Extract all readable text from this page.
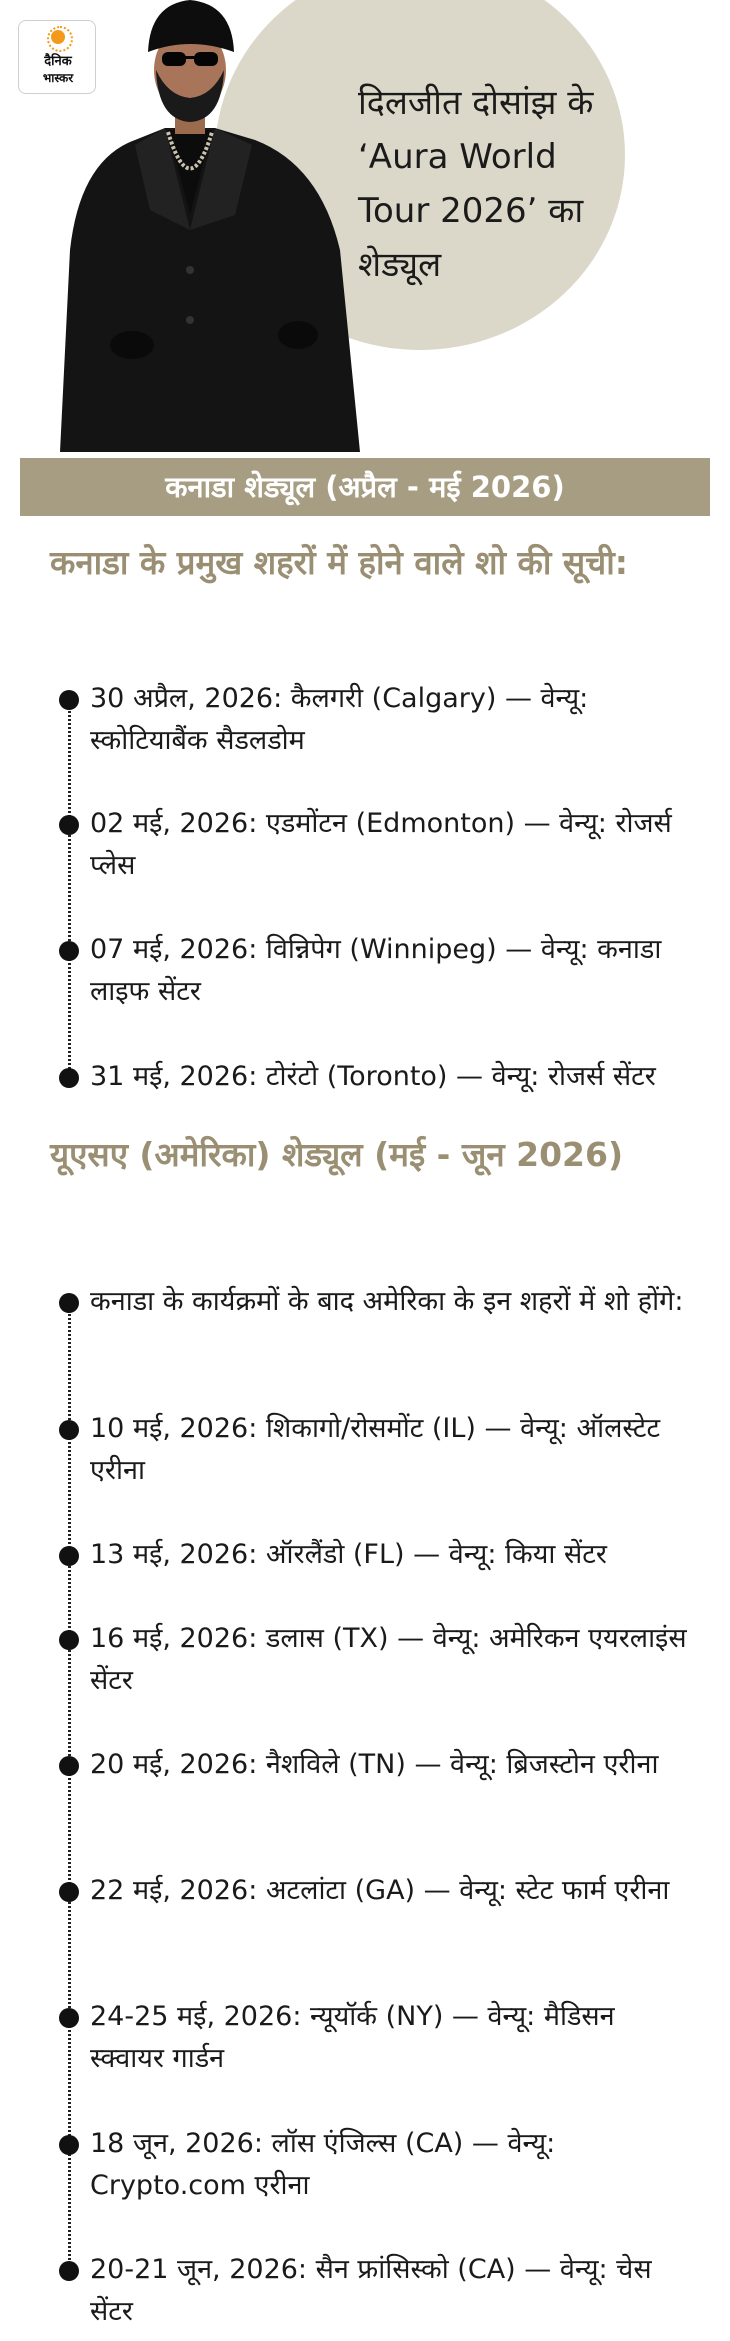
दैनिक
भास्कर
दिलजीत दोसांझ के ‘Aura World Tour 2026’ का शेड्यूल
कनाडा शेड्यूल (अप्रैल - मई 2026)
कनाडा के प्रमुख शहरों में होने वाले शो की सूची:
30 अप्रैल, 2026: कैलगरी (Calgary) — वेन्यू: स्कोटियाबैंक सैडलडोम
02 मई, 2026: एडमोंटन (Edmonton) — वेन्यू: रोजर्स प्लेस
07 मई, 2026: विन्निपेग (Winnipeg) — वेन्यू: कनाडा लाइफ सेंटर
31 मई, 2026: टोरंटो (Toronto) — वेन्यू: रोजर्स सेंटर
यूएसए (अमेरिका) शेड्यूल (मई - जून 2026)
कनाडा के कार्यक्रमों के बाद अमेरिका के इन शहरों में शो होंगे:
10 मई, 2026: शिकागो/रोसमोंट (IL) — वेन्यू: ऑलस्टेट एरीना
13 मई, 2026: ऑरलैंडो (FL) — वेन्यू: किया सेंटर
16 मई, 2026: डलास (TX) — वेन्यू: अमेरिकन एयरलाइंस सेंटर
20 मई, 2026: नैशविले (TN) — वेन्यू: ब्रिजस्टोन एरीना
22 मई, 2026: अटलांटा (GA) — वेन्यू: स्टेट फार्म एरीना
24-25 मई, 2026: न्यूयॉर्क (NY) — वेन्यू: मैडिसन स्क्वायर गार्डन
18 जून, 2026: लॉस एंजिल्स (CA) — वेन्यू: Crypto.com एरीना
20-21 जून, 2026: सैन फ्रांसिस्को (CA) — वेन्यू: चेस सेंटर
